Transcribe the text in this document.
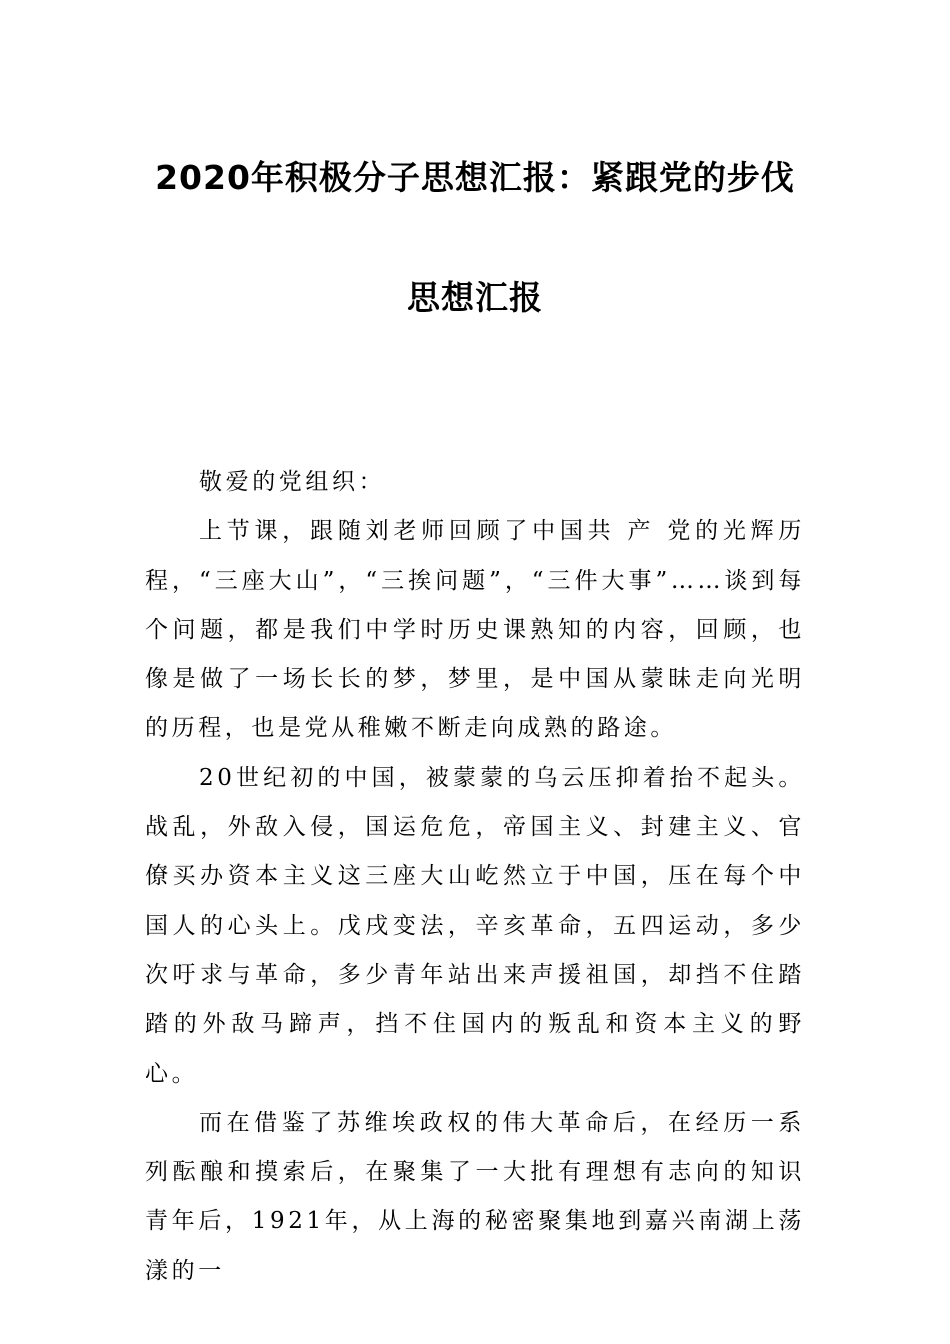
2020年积极分子思想汇报：紧跟党的步伐
思想汇报

敬爱的党组织：

上节课，跟随刘老师回顾了中国共 产 党的光辉历程，“三座大山”，“三挨问题”，“三件大事”……谈到每个问题，都是我们中学时历史课熟知的内容，回顾，也像是做了一场长长的梦，梦里，是中国从蒙昧走向光明的历程，也是党从稚嫩不断走向成熟的路途。

20世纪初的中国，被蒙蒙的乌云压抑着抬不起头。战乱，外敌入侵，国运危危，帝国主义、封建主义、官僚买办资本主义这三座大山屹然立于中国，压在每个中国人的心头上。戊戌变法，辛亥革命，五四运动，多少次吁求与革命，多少青年站出来声援祖国，却挡不住踏踏的外敌马蹄声，挡不住国内的叛乱和资本主义的野心。

而在借鉴了苏维埃政权的伟大革命后，在经历一系列酝酿和摸索后，在聚集了一大批有理想有志向的知识青年后，1921年，从上海的秘密聚集地到嘉兴南湖上荡漾的一
